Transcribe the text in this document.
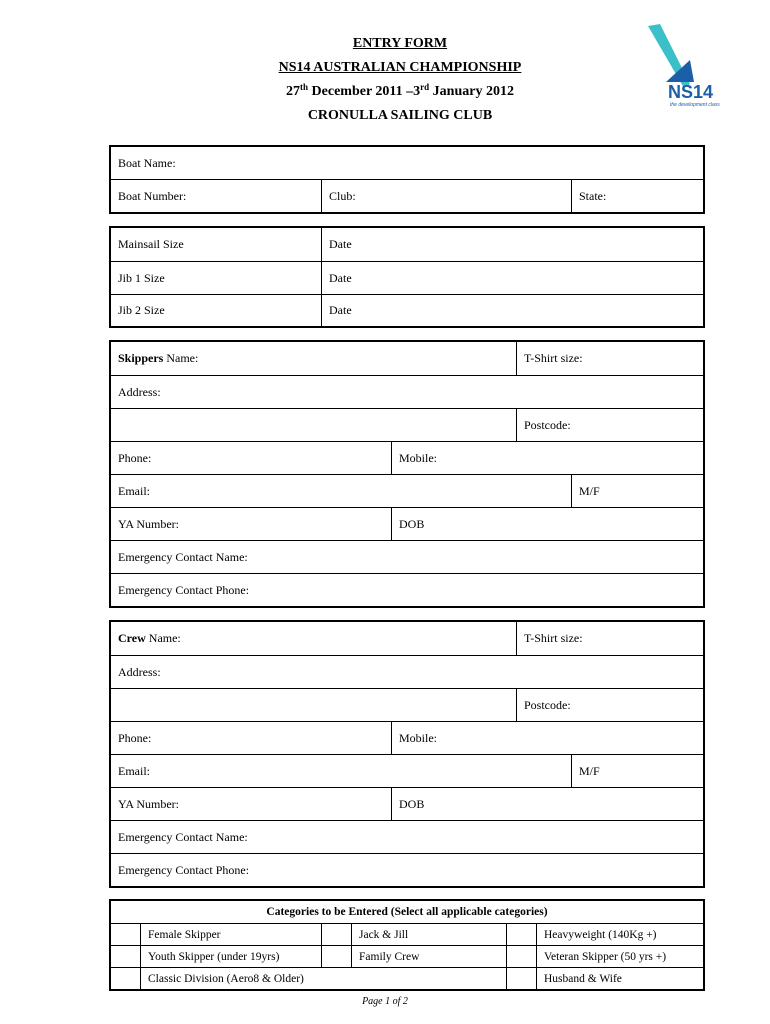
ENTRY FORM
NS14 AUSTRALIAN CHAMPIONSHIP
27th December 2011 –3rd January 2012
CRONULLA SAILING CLUB
NS14
the development class
Boat Name:
Boat Number:	Club:	State:
Mainsail Size	Date
Jib 1 Size	Date
Jib 2 Size	Date
Skippers Name:	T-Shirt size:
Address:
Postcode:
Phone:	Mobile:
Email:	M/F
YA Number:	DOB
Emergency Contact Name:
Emergency Contact Phone:
Crew Name:	T-Shirt size:
Address:
Postcode:
Phone:	Mobile:
Email:	M/F
YA Number:	DOB
Emergency Contact Name:
Emergency Contact Phone:
Categories to be Entered (Select all applicable categories)
Female Skipper	Jack & Jill	Heavyweight (140Kg +)
Youth Skipper (under 19yrs)	Family Crew	Veteran Skipper (50 yrs +)
Classic Division (Aero8 & Older)	Husband & Wife
Page 1 of 2
